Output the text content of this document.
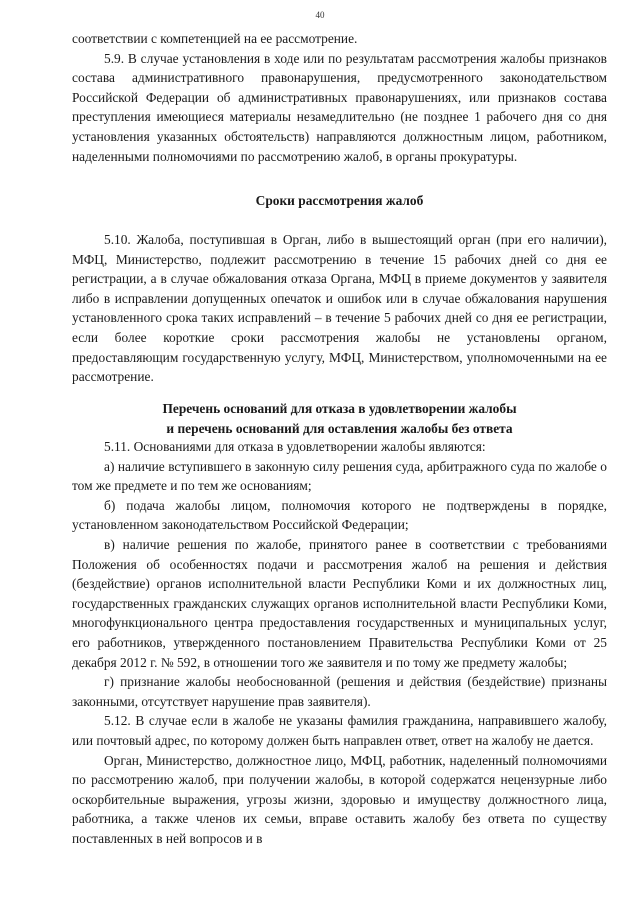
40

соответствии с компетенцией на ее рассмотрение.

5.9. В случае установления в ходе или по результатам рассмотрения жалобы признаков состава административного правонарушения, предусмотренного законодательством Российской Федерации об административных правонарушениях, или признаков состава преступления имеющиеся материалы незамедлительно (не позднее 1 рабочего дня со дня установления указанных обстоятельств) направляются должностным лицом, работником, наделенными полномочиями по рассмотрению жалоб, в органы прокуратуры.

Сроки рассмотрения жалоб

5.10. Жалоба, поступившая в Орган, либо в вышестоящий орган (при его наличии), МФЦ, Министерство, подлежит рассмотрению в течение 15 рабочих дней со дня ее регистрации, а в случае обжалования отказа Органа, МФЦ в приеме документов у заявителя либо в исправлении допущенных опечаток и ошибок или в случае обжалования нарушения установленного срока таких исправлений – в течение 5 рабочих дней со дня ее регистрации, если более короткие сроки рассмотрения жалобы не установлены органом, предоставляющим государственную услугу, МФЦ, Министерством, уполномоченными на ее рассмотрение.

Перечень оснований для отказа в удовлетворении жалобы

и перечень оснований для оставления жалобы без ответа

5.11. Основаниями для отказа в удовлетворении жалобы являются:

а) наличие вступившего в законную силу решения суда, арбитражного суда по жалобе о том же предмете и по тем же основаниям;

б) подача жалобы лицом, полномочия которого не подтверждены в порядке, установленном законодательством Российской Федерации;

в) наличие решения по жалобе, принятого ранее в соответствии с требованиями Положения об особенностях подачи и рассмотрения жалоб на решения и действия (бездействие) органов исполнительной власти Республики Коми и их должностных лиц, государственных гражданских служащих органов исполнительной власти Республики Коми, многофункционального центра предоставления государственных и муниципальных услуг, его работников, утвержденного постановлением Правительства Республики Коми от 25 декабря 2012 г. № 592, в отношении того же заявителя и по тому же предмету жалобы;

г) признание жалобы необоснованной (решения и действия (бездействие) признаны законными, отсутствует нарушение прав заявителя).

5.12. В случае если в жалобе не указаны фамилия гражданина, направившего жалобу, или почтовый адрес, по которому должен быть направлен ответ, ответ на жалобу не дается.

Орган, Министерство, должностное лицо, МФЦ, работник, наделенный полномочиями по рассмотрению жалоб, при получении жалобы, в которой содержатся нецензурные либо оскорбительные выражения, угрозы жизни, здоровью и имуществу должностного лица, работника, а также членов их семьи, вправе оставить жалобу без ответа по существу поставленных в ней вопросов и в
